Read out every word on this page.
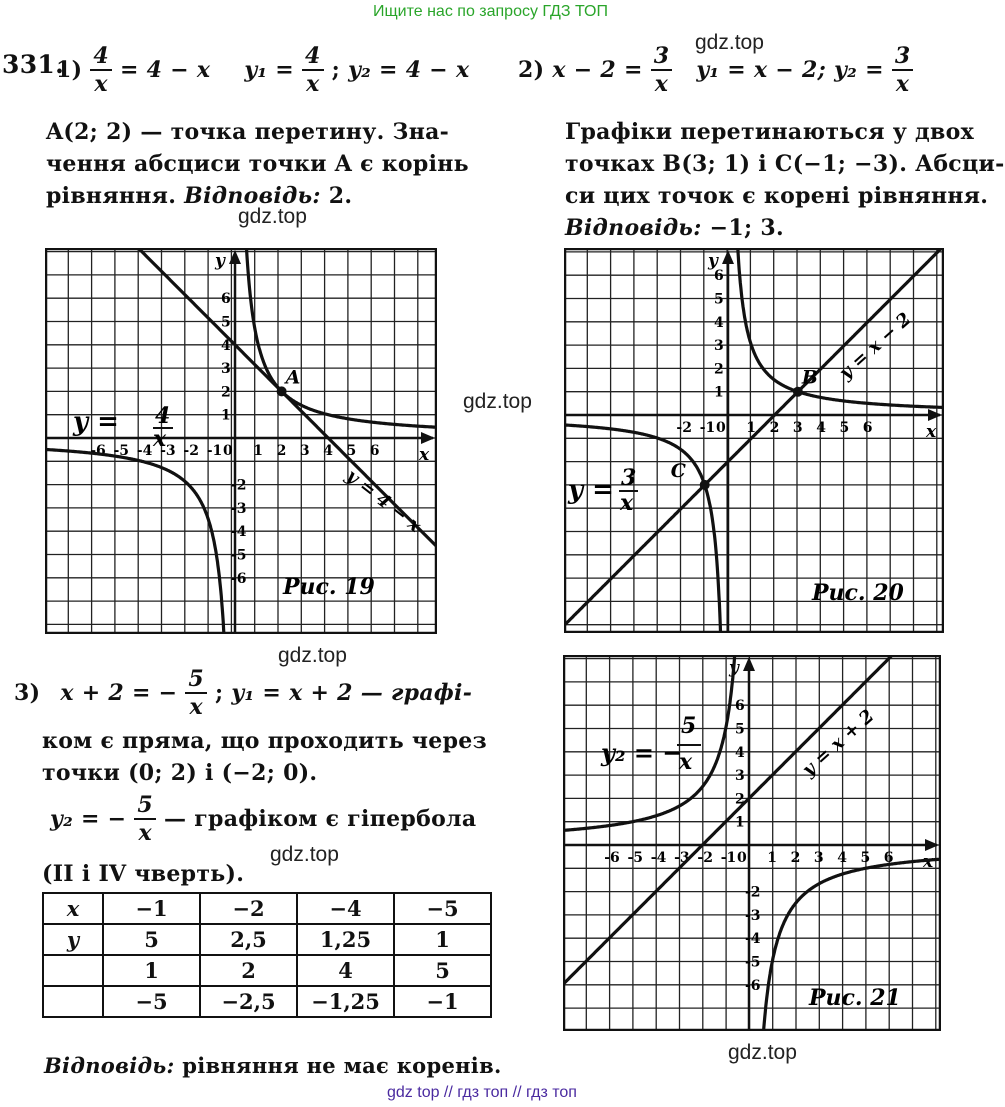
Ищите нас по запросу ГДЗ ТОП
gdz.top
gdz.top
gdz.top
gdz.top
gdz.top
gdz.top
gdz top // гдз топ // гдз топ
331.
$1) \frac{4}{x} = 4 - x$ $y_1 = \frac{4}{x}$ ; y₂ = 4 − x
A(2; 2) — точка перетину. Зна-
чення абсциси точки A є корінь
рівняння. Відповідь: 2.
2) $x - 2 = \frac{3}{x} y_1 = x - 2$; $y_2 = \frac{3}{x}$
Графіки перетинаються у двох
точках B(3; 1) і C(−1; −3). Абсци-
си цих точок є корені рівняння.
Відповідь: −1; 3.
x
y
-6 -5 -4 -3 -2 -1 0 1 2 3 4 5 6
-6
-5
-4
-3
-2
1
2
3
4
5
6
A
y = 4
x
Рис. 19
y = 4 − x
x
y
-2 -1 0 1 2 3 4 5 6
1
2
3
4
5
6
B
C
y = 3
x
Рис. 20
y = x − 2
x
y
-6 -5 -4 -3 -2 -1 0 1 2 3 4 5 6
-6
-5
-4
-3
-2
1
2
3
4
5
6
y₂ = −
5
x
Рис. 21
y = x + 2
3) x + 2 = − $\frac{5}{x}$ ; y₁ = x + 2 — графі-
ком є пряма, що проходить через
точки (0; 2) і (−2; 0).
y₂ = − $\frac{5}{x}$ — графіком є гіпербола
(II і IV чверть).
x	−1	−2	−4	−5
y	5	2,5	1,25	1
	1	2	4	5
	−5	−2,5	−1,25	−1
Відповідь: рівняння не має коренів.
